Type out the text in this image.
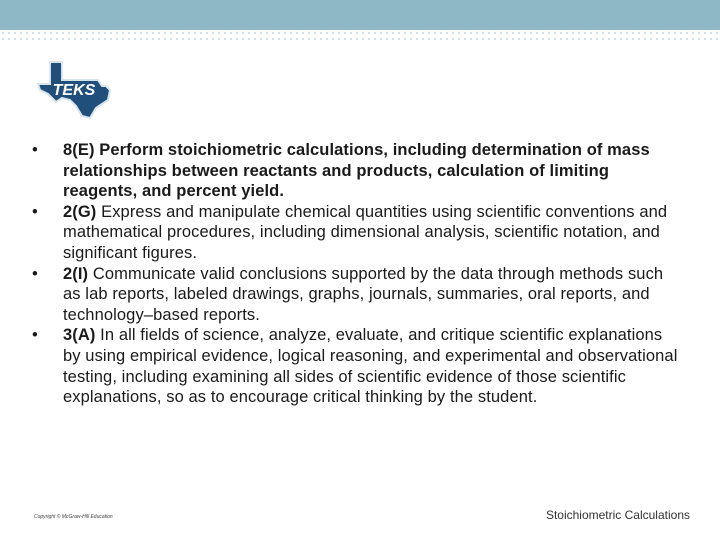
TEKS
• 8(E) Perform stoichiometric calculations, including determination of mass relationships between reactants and products, calculation of limiting reagents, and percent yield.
• 2(G) Express and manipulate chemical quantities using scientific conventions and mathematical procedures, including dimensional analysis, scientific notation, and significant figures.
• 2(I) Communicate valid conclusions supported by the data through methods such as lab reports, labeled drawings, graphs, journals, summaries, oral reports, and technology–based reports.
• 3(A) In all fields of science, analyze, evaluate, and critique scientific explanations by using empirical evidence, logical reasoning, and experimental and observational testing, including examining all sides of scientific evidence of those scientific explanations, so as to encourage critical thinking by the student.
Copyright © McGraw-Hill Education	Stoichiometric Calculations
